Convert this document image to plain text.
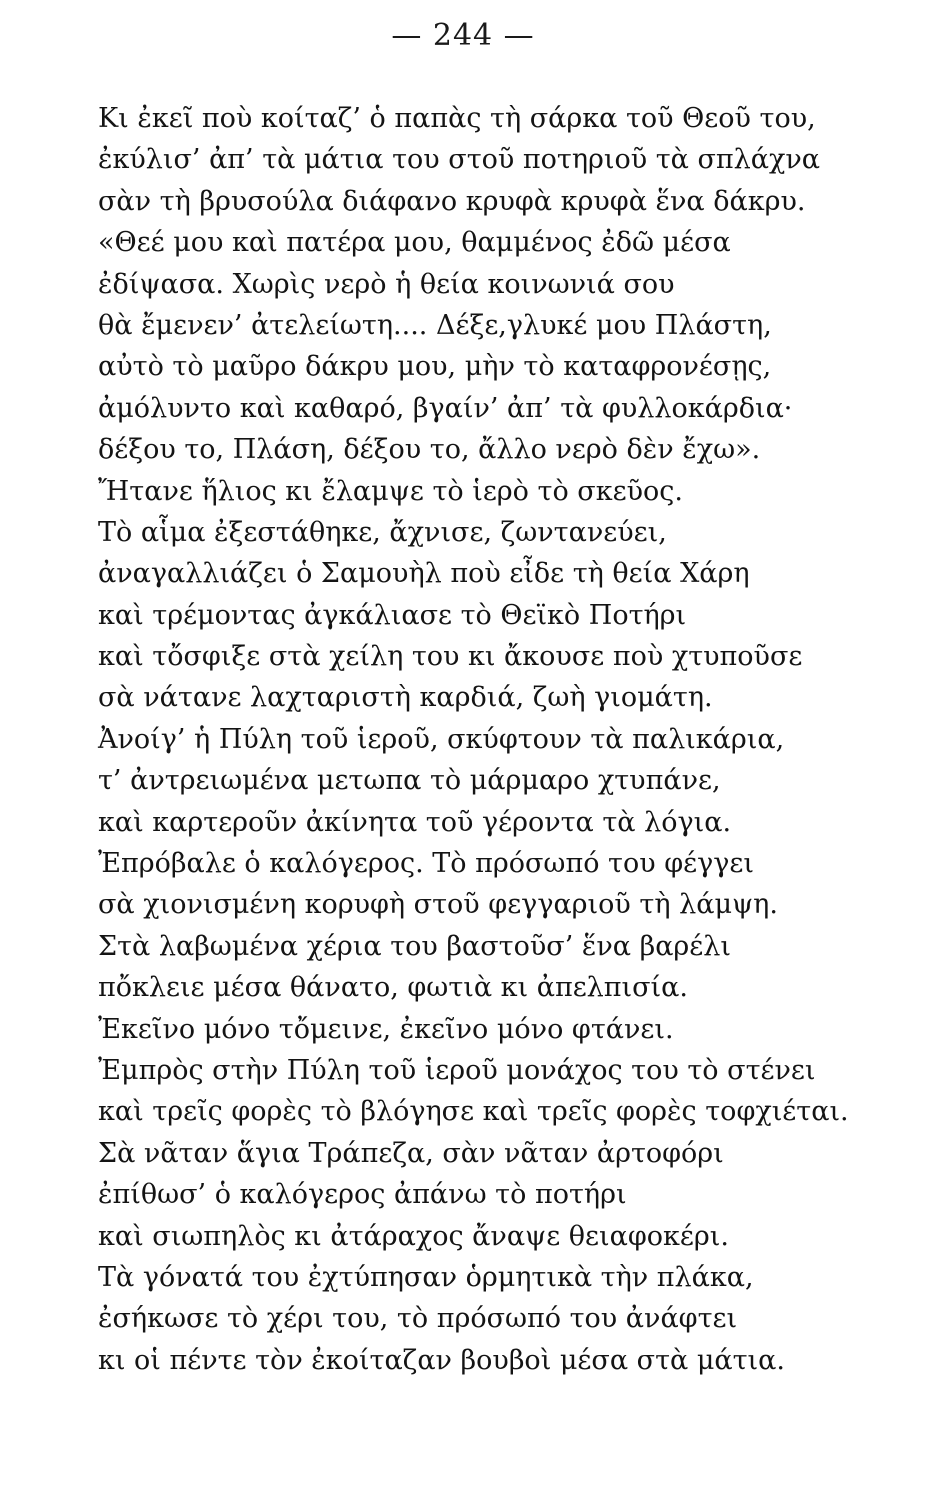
— 244 —
Κι ἐκεῖ ποὺ κοίταζ’ ὁ παπὰς τὴ σάρκα τοῦ Θεοῦ του,
ἐκύλισ’ ἀπ’ τὰ μάτια του στοῦ ποτηριοῦ τὰ σπλάχνα
σὰν τὴ βρυσούλα διάφανο κρυφὰ κρυφὰ ἕνα δάκρυ.
«Θεέ μου καὶ πατέρα μου, θαμμένος ἐδῶ μέσα
ἐδίψασα. Χωρὶς νερὸ ἡ θεία κοινωνιά σου
θὰ ἔμενεν’ ἀτελείωτη.... Δέξε,γλυκέ μου Πλάστη,
αὐτὸ τὸ μαῦρο δάκρυ μου, μὴν τὸ καταφρονέσῃς,
ἀμόλυντο καὶ καθαρό, βγαίν’ ἀπ’ τὰ φυλλοκάρδια·
δέξου το, Πλάση, δέξου το, ἄλλο νερὸ δὲν ἔχω».
Ἤτανε ἥλιος κι ἔλαμψε τὸ ἱερὸ τὸ σκεῦος.
Τὸ αἷμα ἐξεστάθηκε, ἄχνισε, ζωντανεύει,
ἀναγαλλιάζει ὁ Σαμουὴλ ποὺ εἶδε τὴ θεία Χάρη
καὶ τρέμοντας ἀγκάλιασε τὸ Θεϊκὸ Ποτήρι
καὶ τὄσφιξε στὰ χείλη του κι ἄκουσε ποὺ χτυποῦσε
σὰ νάτανε λαχταριστὴ καρδιά, ζωὴ γιομάτη.
Ἀνοίγ’ ἡ Πύλη τοῦ ἱεροῦ, σκύφτουν τὰ παλικάρια,
τ’ ἀντρειωμένα μετωπα τὸ μάρμαρο χτυπάνε,
καὶ καρτεροῦν ἀκίνητα τοῦ γέροντα τὰ λόγια.
Ἐπρόβαλε ὁ καλόγερος. Τὸ πρόσωπό του φέγγει
σὰ χιονισμένη κορυφὴ στοῦ φεγγαριοῦ τὴ λάμψη.
Στὰ λαβωμένα χέρια του βαστοῦσ’ ἕνα βαρέλι
πὄκλειε μέσα θάνατο, φωτιὰ κι ἀπελπισία.
Ἐκεῖνο μόνο τὄμεινε, ἐκεῖνο μόνο φτάνει.
Ἐμπρὸς στὴν Πύλη τοῦ ἱεροῦ μονάχος του τὸ στένει
καὶ τρεῖς φορὲς τὸ βλόγησε καὶ τρεῖς φορὲς τοφχιέται.
Σὰ νᾶταν ἅγια Τράπεζα, σὰν νᾶταν ἀρτοφόρι
ἐπίθωσ’ ὁ καλόγερος ἀπάνω τὸ ποτήρι
καὶ σιωπηλὸς κι ἀτάραχος ἄναψε θειαφοκέρι.
Τὰ γόνατά του ἐχτύπησαν ὁρμητικὰ τὴν πλάκα,
ἐσήκωσε τὸ χέρι του, τὸ πρόσωπό του ἀνάφτει
κι οἱ πέντε τὸν ἐκοίταζαν βουβοὶ μέσα στὰ μάτια.
